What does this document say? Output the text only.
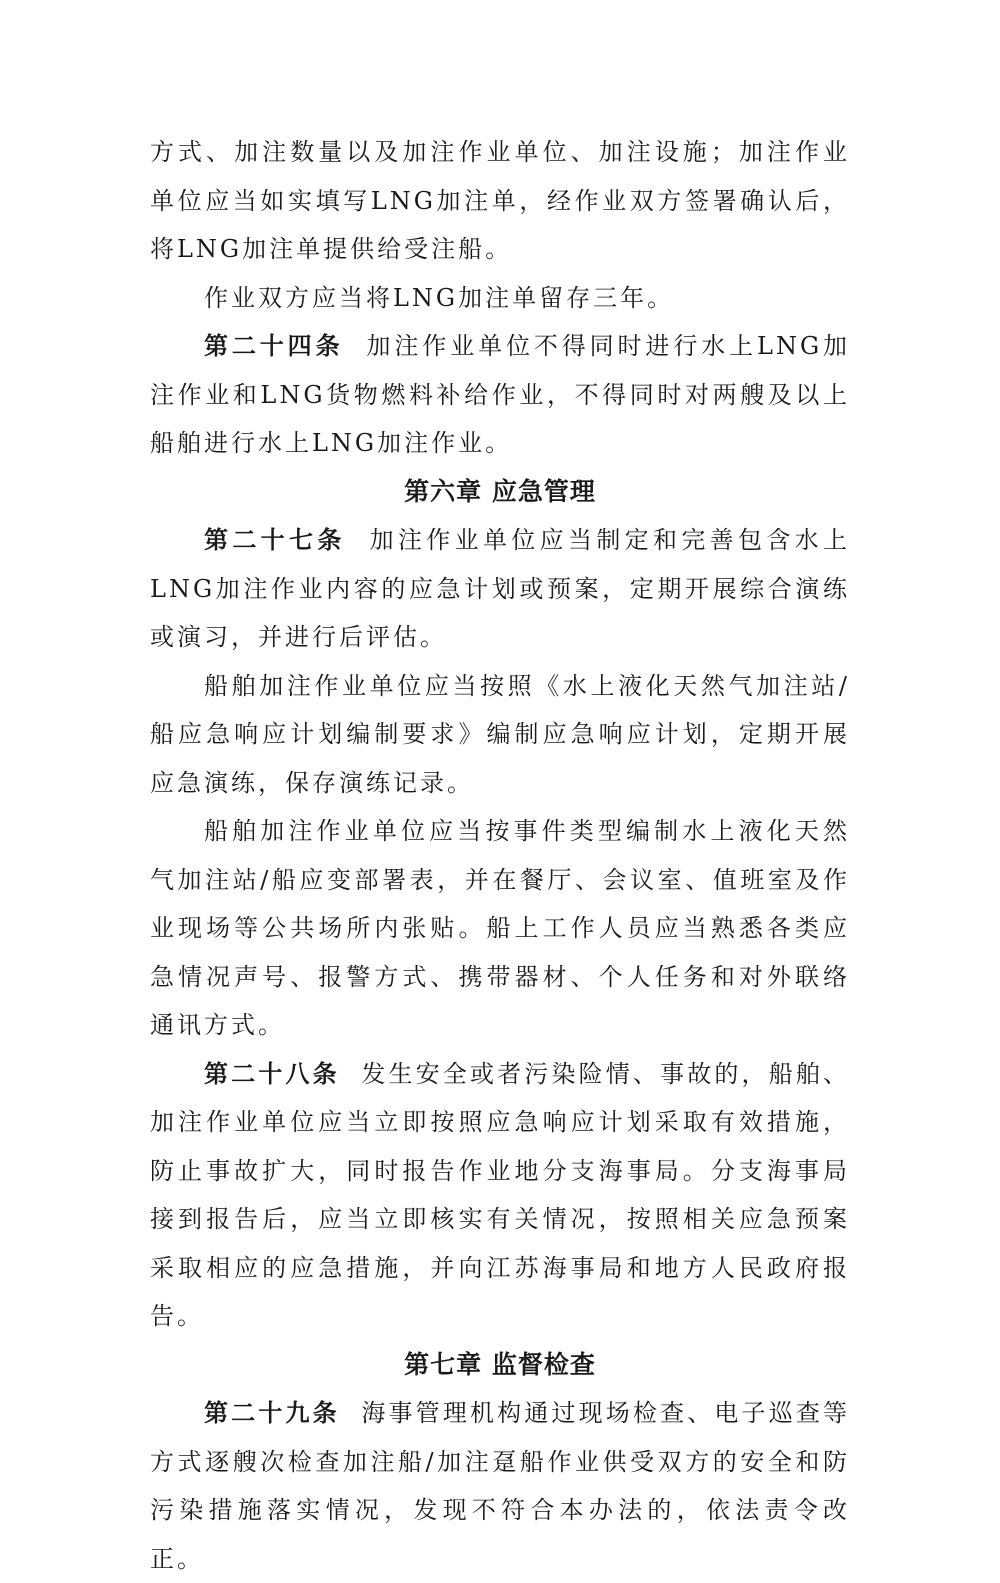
方式、加注数量以及加注作业单位、加注设施；加注作业单位应当如实填写LNG加注单，经作业双方签署确认后，将LNG加注单提供给受注船。

作业双方应当将LNG加注单留存三年。

第二十四条 加注作业单位不得同时进行水上LNG加注作业和LNG货物燃料补给作业，不得同时对两艘及以上船舶进行水上LNG加注作业。

第六章 应急管理

第二十七条 加注作业单位应当制定和完善包含水上LNG加注作业内容的应急计划或预案，定期开展综合演练或演习，并进行后评估。

船舶加注作业单位应当按照《水上液化天然气加注站/船应急响应计划编制要求》编制应急响应计划，定期开展应急演练，保存演练记录。

船舶加注作业单位应当按事件类型编制水上液化天然气加注站/船应变部署表，并在餐厅、会议室、值班室及作业现场等公共场所内张贴。船上工作人员应当熟悉各类应急情况声号、报警方式、携带器材、个人任务和对外联络通讯方式。

第二十八条 发生安全或者污染险情、事故的，船舶、加注作业单位应当立即按照应急响应计划采取有效措施，防止事故扩大，同时报告作业地分支海事局。分支海事局接到报告后，应当立即核实有关情况，按照相关应急预案采取相应的应急措施，并向江苏海事局和地方人民政府报告。

第七章 监督检查

第二十九条 海事管理机构通过现场检查、电子巡查等方式逐艘次检查加注船/加注趸船作业供受双方的安全和防污染措施落实情况，发现不符合本办法的，依法责令改正。
